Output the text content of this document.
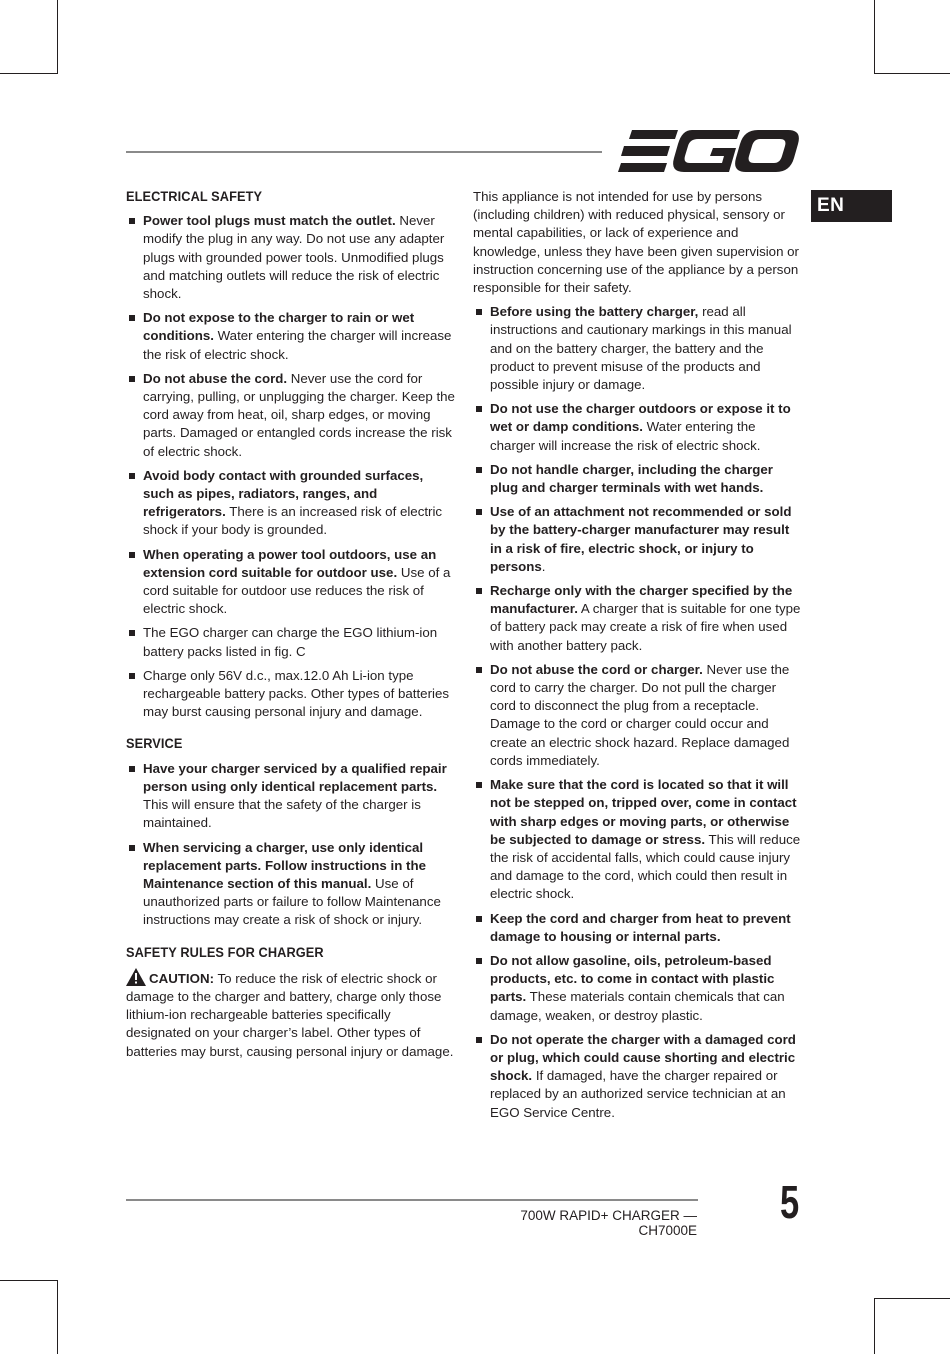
EN
ELECTRICAL SAFETY
Power tool plugs must match the outlet. Never modify the plug in any way. Do not use any adapter plugs with grounded power tools. Unmodified plugs and matching outlets will reduce the risk of electric shock.
Do not expose to the charger to rain or wet conditions. Water entering the charger will increase the risk of electric shock.
Do not abuse the cord. Never use the cord for carrying, pulling, or unplugging the charger. Keep the cord away from heat, oil, sharp edges, or moving parts. Damaged or entangled cords increase the risk of electric shock.
Avoid body contact with grounded surfaces, such as pipes, radiators, ranges, and refrigerators. There is an increased risk of electric shock if your body is grounded.
When operating a power tool outdoors, use an extension cord suitable for outdoor use. Use of a cord suitable for outdoor use reduces the risk of electric shock.
The EGO charger can charge the EGO lithium-ion battery packs listed in fig. C
Charge only 56V d.c., max.12.0 Ah Li-ion type rechargeable battery packs. Other types of batteries may burst causing personal injury and damage.
SERVICE
Have your charger serviced by a qualified repair person using only identical replacement parts. This will ensure that the safety of the charger is maintained.
When servicing a charger, use only identical replacement parts. Follow instructions in the Maintenance section of this manual. Use of unauthorized parts or failure to follow Maintenance instructions may create a risk of shock or injury.
SAFETY RULES FOR CHARGER

CAUTION: To reduce the risk of electric shock or damage to the charger and battery, charge only those lithium-ion rechargeable batteries specifically designated on your charger’s label. Other types of batteries may burst, causing personal injury or damage.

This appliance is not intended for use by persons (including children) with reduced physical, sensory or mental capabilities, or lack of experience and knowledge, unless they have been given supervision or instruction concerning use of the appliance by a person responsible for their safety.

Before using the battery charger, read all instructions and cautionary markings in this manual and on the battery charger, the battery and the product to prevent misuse of the products and possible injury or damage.
Do not use the charger outdoors or expose it to wet or damp conditions. Water entering the charger will increase the risk of electric shock.
Do not handle charger, including the charger plug and charger terminals with wet hands.
Use of an attachment not recommended or sold by the battery-charger manufacturer may result in a risk of fire, electric shock, or injury to persons.
Recharge only with the charger specified by the manufacturer. A charger that is suitable for one type of battery pack may create a risk of fire when used with another battery pack.
Do not abuse the cord or charger. Never use the cord to carry the charger. Do not pull the charger cord to disconnect the plug from a receptacle. Damage to the cord or charger could occur and create an electric shock hazard. Replace damaged cords immediately.
Make sure that the cord is located so that it will not be stepped on, tripped over, come in contact with sharp edges or moving parts, or otherwise be subjected to damage or stress. This will reduce the risk of accidental falls, which could cause injury and damage to the cord, which could then result in electric shock.
Keep the cord and charger from heat to prevent damage to housing or internal parts.
Do not allow gasoline, oils, petroleum-based products, etc. to come in contact with plastic parts. These materials contain chemicals that can damage, weaken, or destroy plastic.
Do not operate the charger with a damaged cord or plug, which could cause shorting and electric shock. If damaged, have the charger repaired or replaced by an authorized service technician at an EGO Service Centre.
700W RAPID+ CHARGER — CH7000E
5
